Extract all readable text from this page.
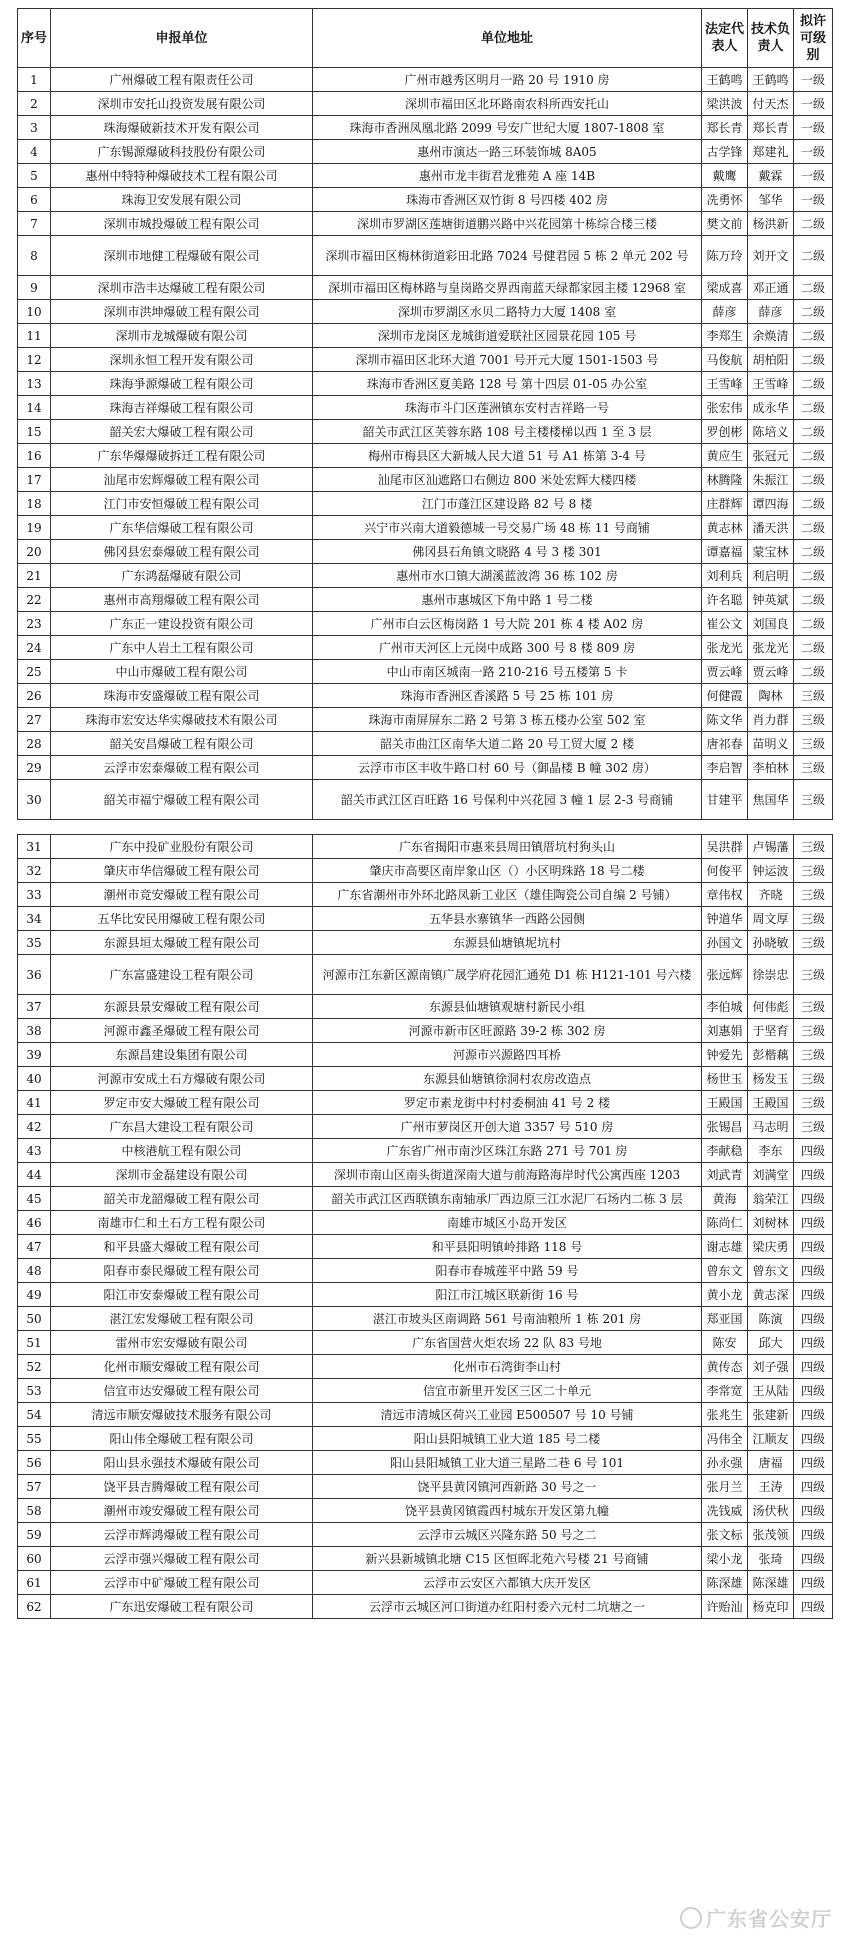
序号	申报单位	单位地址	法定代表人	技术负责人	拟许可级别
1	广州爆破工程有限责任公司	广州市越秀区明月一路 20 号 1910 房	王鹤鸣	王鹤鸣	一级
2	深圳市安托山投资发展有限公司	深圳市福田区北环路南农科所西安托山	梁洪波	付天杰	一级
3	珠海爆破新技术开发有限公司	珠海市香洲凤凰北路 2099 号安广世纪大厦 1807-1808 室	郑长青	郑长青	一级
4	广东锡源爆破科技股份有限公司	惠州市演达一路三环装饰城 8A05	古学锋	郑建礼	一级
5	惠州中特特种爆破技术工程有限公司	惠州市龙丰街君龙雅苑 A 座 14B	戴鹰	戴霖	一级
6	珠海卫安发展有限公司	珠海市香洲区双竹街 8 号四楼 402 房	冼勇怀	邹华	一级
7	深圳市城投爆破工程有限公司	深圳市罗湖区莲塘街道鹏兴路中兴花园第十栋综合楼三楼	樊文前	杨洪新	二级
8	深圳市地健工程爆破有限公司	深圳市福田区梅林街道彩田北路 7024 号健君园 5 栋 2 单元 202 号	陈万玲	刘开文	二级
9	深圳市浩丰达爆破工程有限公司	深圳市福田区梅林路与皇岗路交界西南蓝天绿都家园主楼 12968 室	梁成喜	邓正通	二级
10	深圳市洪坤爆破工程有限公司	深圳市罗湖区水贝二路特力大厦 1408 室	薛彦	薛彦	二级
11	深圳市龙城爆破有限公司	深圳市龙岗区龙城街道爱联社区园景花园 105 号	李郑生	余焕清	二级
12	深圳永恒工程开发有限公司	深圳市福田区北环大道 7001 号开元大厦 1501-1503 号	马俊航	胡柏阳	二级
13	珠海爭源爆破工程有限公司	珠海市香洲区夏美路 128 号 第十四层 01-05 办公室	王雪峰	王雪峰	二级
14	珠海吉祥爆破工程有限公司	珠海市斗门区莲洲镇东安村吉祥路一号	张宏伟	成永华	二级
15	韶关宏大爆破工程有限公司	韶关市武江区芙蓉东路 108 号主楼楼梯以西 1 至 3 层	罗创彬	陈培义	二级
16	广东华爆爆破拆迁工程有限公司	梅州市梅县区大新城人民大道 51 号 A1 栋第 3-4 号	黄应生	张冠元	二级
17	汕尾市宏辉爆破工程有限公司	汕尾市区汕遮路口右侧边 800 米处宏辉大楼四楼	林腾隆	朱振江	二级
18	江门市安恒爆破工程有限公司	江门市蓬江区建设路 82 号 8 楼	庄群辉	谭四海	二级
19	广东华信爆破工程有限公司	兴宁市兴南大道毅德城一号交易广场 48 栋 11 号商铺	黄志林	潘天洪	二级
20	佛冈县宏泰爆破工程有限公司	佛冈县石角镇文晓路 4 号 3 楼 301	谭嘉福	蒙宝林	二级
21	广东鸿磊爆破有限公司	惠州市水口镇大湖溪蓝波湾 36 栋 102 房	刘利兵	利启明	二级
22	惠州市高翔爆破工程有限公司	惠州市惠城区下角中路 1 号二楼	许名聪	钟英斌	二级
23	广东正一建设投资有限公司	广州市白云区梅岗路 1 号大院 201 栋 4 楼 A02 房	崔公文	刘国良	二级
24	广东中人岩土工程有限公司	广州市天河区上元岗中成路 300 号 8 楼 809 房	张龙光	张龙光	二级
25	中山市爆破工程有限公司	中山市南区城南一路 210-216 号五楼第 5 卡	贾云峰	贾云峰	二级
26	珠海市安盛爆破工程有限公司	珠海市香洲区香溪路 5 号 25 栋 101 房	何健霞	陶林	三级
27	珠海市宏安达华实爆破技术有限公司	珠海市南屏屏东二路 2 号第 3 栋五楼办公室 502 室	陈文华	肖力群	三级
28	韶关安昌爆破工程有限公司	韶关市曲江区南华大道二路 20 号工贸大厦 2 楼	唐祁春	苗明义	三级
29	云浮市宏泰爆破工程有限公司	云浮市市区丰收牛路口村 60 号（御晶楼 B 幢 302 房）	李启智	李柏林	三级
30	韶关市福宁爆破工程有限公司	韶关市武江区百旺路 16 号保利中兴花园 3 幢 1 层 2-3 号商铺	甘建平	焦国华	三级
31	广东中投矿业股份有限公司	广东省揭阳市惠来县周田镇厝坑村狗头山	吴洪群	卢锡藩	三级
32	肇庆市华信爆破工程有限公司	肇庆市高要区南岸象山区（）小区明珠路 18 号二楼	何俊平	钟运波	三级
33	潮州市竞安爆破工程有限公司	广东省潮州市外环北路凤新工业区（雄佳陶瓷公司自编 2 号铺）	章伟权	齐晓	三级
34	五华比安民用爆破工程有限公司	五华县水寨镇华一西路公园侧	钟道华	周文厚	三级
35	东源县垣太爆破工程有限公司	东源县仙塘镇坭坑村	孙国文	孙晓敏	三级
36	广东富盛建设工程有限公司	河源市江东新区源南镇广晟学府花园汇通苑 D1 栋 H121-101 号六楼	张远辉	徐崇忠	三级
37	东源县景安爆破工程有限公司	东源县仙塘镇观塘村新民小组	李伯城	何伟彪	三级
38	河源市鑫圣爆破工程有限公司	河源市新市区旺源路 39-2 栋 302 房	刘惠娟	于坚育	三级
39	东源昌建设集团有限公司	河源市兴源路四耳桥	钟爱先	彭楷藕	三级
40	河源市安成土石方爆破有限公司	东源县仙塘镇徐洞村农房改造点	杨世玉	杨发玉	三级
41	罗定市安大爆破工程有限公司	罗定市素龙街中村村委桐油 41 号 2 楼	王殿国	王殿国	三级
42	广东昌大建设工程有限公司	广州市萝岗区开创大道 3357 号 510 房	张锡昌	马志明	三级
43	中核港航工程有限公司	广东省广州市南沙区珠江东路 271 号 701 房	李献稳	李东	四级
44	深圳市金磊建设有限公司	深圳市南山区南头街道深南大道与前海路海岸时代公寓西座 1203	刘武青	刘满堂	四级
45	韶关市龙韶爆破工程有限公司	韶关市武江区西联镇东南轴承厂西边原三江水泥厂石场内二栋 3 层	黄海	翁荣江	四级
46	南雄市仁和土石方工程有限公司	南雄市城区小岛开发区	陈尚仁	刘树林	四级
47	和平县盛大爆破工程有限公司	和平县阳明镇岭排路 118 号	谢志雄	梁庆勇	四级
48	阳春市泰民爆破工程有限公司	阳春市春城莲平中路 59 号	曾东文	曾东文	四级
49	阳江市安泰爆破工程有限公司	阳江市江城区联新街 16 号	黄小龙	黄志深	四级
50	湛江宏发爆破工程有限公司	湛江市坡头区南调路 561 号南油粮所 1 栋 201 房	郑亚国	陈演	四级
51	雷州市宏安爆破有限公司	广东省国营火炬农场 22 队 83 号地	陈安	邱大	四级
52	化州市顺安爆破工程有限公司	化州市石湾街李山村	黄传态	刘子强	四级
53	信宜市达安爆破工程有限公司	信宜市新里开发区三区二十单元	李常宽	王从陆	四级
54	清远市顺安爆破技术服务有限公司	清远市清城区荷兴工业园 E500507 号 10 号铺	张兆生	张建新	四级
55	阳山伟全爆破工程有限公司	阳山县阳城镇工业大道 185 号二楼	冯伟全	江顺友	四级
56	阳山县永强技术爆破有限公司	阳山县阳城镇工业大道三星路二巷 6 号 101	孙永强	唐福	四级
57	饶平县吉腾爆破工程有限公司	饶平县黄冈镇河西新路 30 号之一	张月兰	王涛	四级
58	潮州市竣安爆破工程有限公司	饶平县黄冈镇霞西村城东开发区第九幢	冼钱威	汤伏秋	四级
59	云浮市辉鸿爆破工程有限公司	云浮市云城区兴隆东路 50 号之二	张文标	张茂领	四级
60	云浮市强兴爆破工程有限公司	新兴县新城镇北塘 C15 区恒晖北苑六号楼 21 号商铺	梁小龙	张琦	四级
61	云浮市中矿爆破工程有限公司	云浮市云安区六都镇大庆开发区	陈深雄	陈深雄	四级
62	广东迅安爆破工程有限公司	云浮市云城区河口街道办红阳村委六元村二坑塘之一	许贻汕	杨克印	四级
广东省公安厅
